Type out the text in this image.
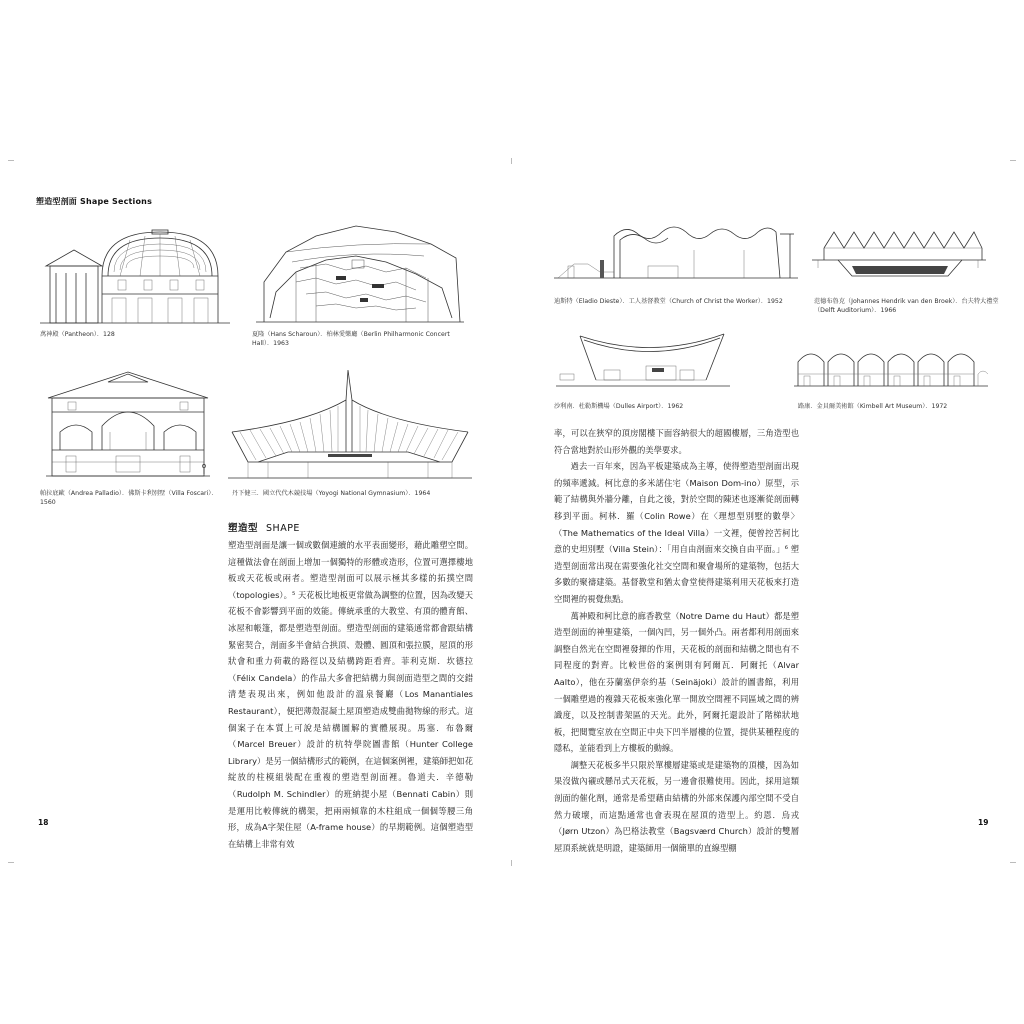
塑造型剖面 Shape Sections
萬神殿（Pantheon）．128	夏隆（Hans Scharoun）．柏林愛樂廳（Berlin Philharmonic Concert Hall）．1963
帕拉底歐（Andrea Palladio）．佛斯卡利別墅（Villa Foscari）．1560
丹下健三．國立代代木競技場（Yoyogi National Gymnasium）．1964
塑造型 SHAPE

塑造型剖面是讓一個或數個連續的水平表面變形，藉此雕塑空間。這種做法會在剖面上增加一個獨特的形體或造形，位置可選擇樓地板或天花板或兩者。塑造型剖面可以展示極其多樣的拓撲空間（topologies）。⁵ 天花板比地板更常做為調整的位置，因為改變天花板不會影響到平面的效能。傳統承重的大教堂、有頂的體育館、冰屋和帳篷，都是塑造型剖面。塑造型剖面的建築通常都會跟結構緊密契合，剖面多半會結合拱頂、殼體、圓頂和張拉膜，屋頂的形狀會和重力荷載的路徑以及結構跨距看齊。菲利克斯．坎德拉（Félix Candela）的作品大多會把結構力與剖面造型之間的交錯清楚表現出來，例如他設計的溫泉餐廳（Los Manantiales Restaurant），便把薄殼混凝土屋頂塑造成雙曲拋物線的形式。這個案子在本質上可說是結構圖解的實體展現。馬塞．布魯爾（Marcel Breuer）設計的杭特學院圖書館（Hunter College Library）是另一個結構形式的範例，在這個案例裡，建築師把如花綻放的柱模組裝配在重複的塑造型剖面裡。魯道夫．辛德勒（Rudolph M. Schindler）的班納提小屋（Bennati Cabin）則是運用比較傳統的構架，把兩兩傾靠的木柱組成一個個等腰三角形，成為A字架住屋（A-frame house）的早期範例。這個塑造型在結構上非常有效

18
迪斯特（Eladio Dieste）．工人基督教堂（Church of Christ the Worker）．1952	范德布魯克（Johannes Hendrik van den Broek）．台夫特大禮堂（Delft Auditorium）．1966
沙利南．杜勒斯機場（Dulles Airport）．1962	路康．金貝爾美術館（Kimbell Art Museum）．1972

率，可以在狹窄的頂房閣樓下面容納很大的超國樓層，三角造型也符合當地對於山形外觀的美學要求。

過去一百年來，因為平板建築成為主導，使得塑造型剖面出現的頻率遞減。柯比意的多米諾住宅（Maison Dom-ino）原型，示範了結構與外牆分離，自此之後，對於空間的陳述也逐漸從剖面轉移到平面。柯林．羅（Colin Rowe）在〈理想型別墅的數學〉（The Mathematics of the Ideal Villa）一文裡，便曾控苦柯比意的史坦別墅（Villa Stein）：「用自由剖面來交換自由平面。」⁶ 塑造型剖面常出現在需要強化社交空間和聚會場所的建築物，包括大多數的聚禱建築。基督教堂和猶太會堂使得建築利用天花板來打造空間裡的視覺焦點。

萬神殿和柯比意的廊香教堂（Notre Dame du Haut）都是塑造型剖面的神聖建築，一個內凹，另一個外凸。兩者都利用剖面來調整自然光在空間裡發揮的作用，天花板的剖面和結構之間也有不同程度的對齊。比較世俗的案例則有阿爾瓦．阿爾托（Alvar Aalto），他在芬蘭塞伊奈約基（Seinäjoki）設計的圖書館，利用一個雕塑過的複雜天花板來強化單一開放空間裡不同區域之間的辨識度，以及控制書架區的天光。此外，阿爾托還設計了階梯狀地板，把閱覽室放在空間正中央下凹半層樓的位置，提供某種程度的隱私，並能看到上方樓板的動線。

調整天花板多半只限於單樓層建築或是建築物的頂樓，因為如果沒做內襯或懸吊式天花板，另一邊會很難使用。因此，採用這類剖面的催化劑，通常是希望藉由結構的外部來保護內部空間不受自然力破壞，而這點通常也會表現在屋頂的造型上。約恩．烏戎（Jørn Utzon）為巴格法教堂（Bagsværd Church）設計的雙層屋頂系統就是明證，建築師用一個簡單的直線型棚

19
